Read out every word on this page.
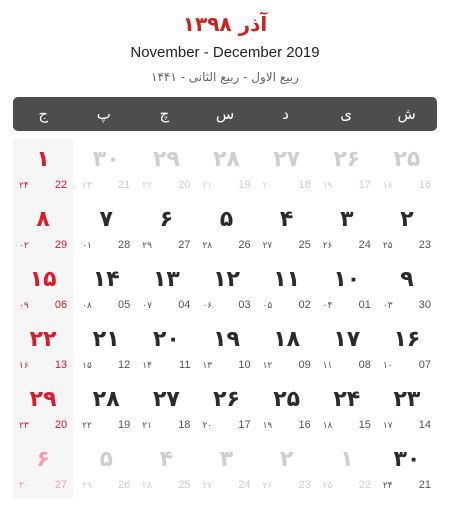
آذر ۱۳۹۸
November - December 2019
ربیع الاول - ربیع الثانی - ۱۴۴۱
ش
ی
د
س
چ
پ
ج
۲۵
16
۱۸
۲۶
17
۱۹
۲۷
18
۲۰
۲۸
19
۲۱
۲۹
20
۲۲
۳۰
21
۲۳
۱
22
۲۴
۲
23
۲۵
۳
24
۲۶
۴
25
۲۷
۵
26
۲۸
۶
27
۲۹
۷
28
۰۱
۸
29
۰۲
۹
30
۰۳
۱۰
01
۰۴
۱۱
02
۰۵
۱۲
03
۰۶
۱۳
04
۰۷
۱۴
05
۰۸
۱۵
06
۰۹
۱۶
07
۱۰
۱۷
08
۱۱
۱۸
09
۱۲
۱۹
10
۱۳
۲۰
11
۱۴
۲۱
12
۱۵
۲۲
13
۱۶
۲۳
14
۱۷
۲۴
15
۱۸
۲۵
16
۱۹
۲۶
17
۲۰
۲۷
18
۲۱
۲۸
19
۲۲
۲۹
20
۲۳
۳۰
21
۲۴
۱
22
۲۵
۲
23
۲۶
۳
24
۲۷
۴
25
۲۸
۵
26
۲۹
۶
27
۳۰
